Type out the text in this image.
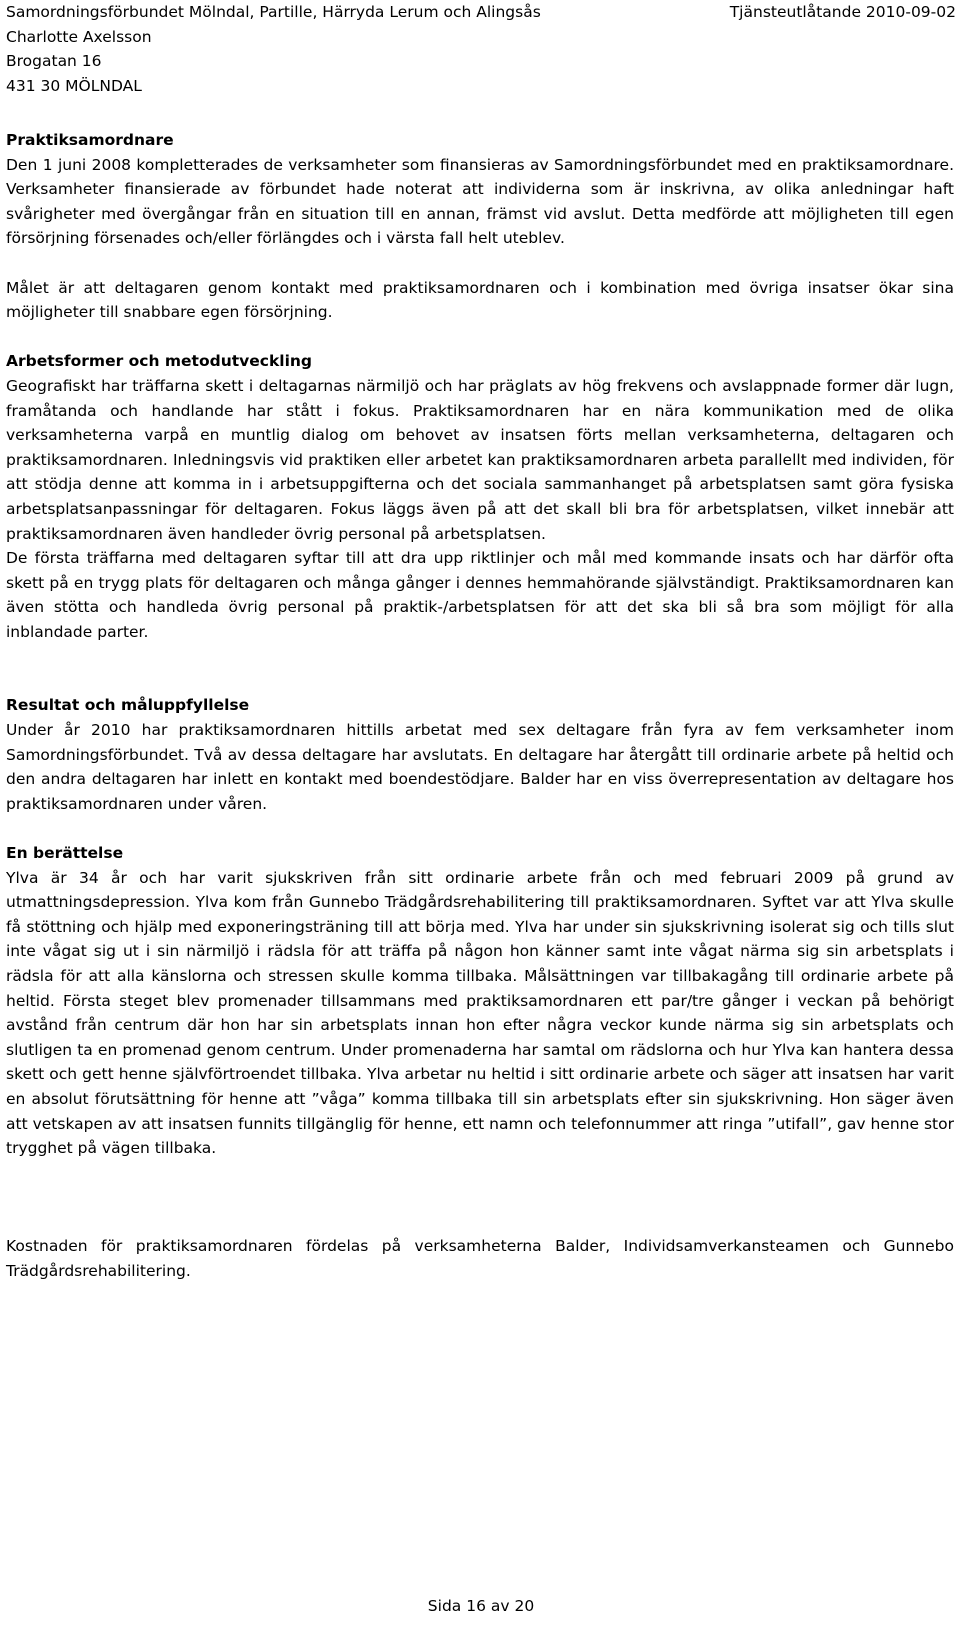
Samordningsförbundet Mölndal, Partille, Härryda Lerum och Alingsås	Tjänsteutlåtande 2010-09-02
Charlotte Axelsson
Brogatan 16
431 30 MÖLNDAL
Praktiksamordnare

Den 1 juni 2008 kompletterades de verksamheter som finansieras av Samordningsförbundet med en praktiksamordnare. Verksamheter finansierade av förbundet hade noterat att individerna som är inskrivna, av olika anledningar haft svårigheter med övergångar från en situation till en annan, främst vid avslut. Detta medförde att möjligheten till egen försörjning försenades och/eller förlängdes och i värsta fall helt uteblev.

Målet är att deltagaren genom kontakt med praktiksamordnaren och i kombination med övriga insatser ökar sina möjligheter till snabbare egen försörjning.

Arbetsformer och metodutveckling

Geografiskt har träffarna skett i deltagarnas närmiljö och har präglats av hög frekvens och avslappnade former där lugn, framåtanda och handlande har stått i fokus. Praktiksamordnaren har en nära kommunikation med de olika verksamheterna varpå en muntlig dialog om behovet av insatsen förts mellan verksamheterna, deltagaren och praktiksamordnaren. Inledningsvis vid praktiken eller arbetet kan praktiksamordnaren arbeta parallellt med individen, för att stödja denne att komma in i arbetsuppgifterna och det sociala sammanhanget på arbetsplatsen samt göra fysiska arbetsplatsanpassningar för deltagaren. Fokus läggs även på att det skall bli bra för arbetsplatsen, vilket innebär att praktiksamordnaren även handleder övrig personal på arbetsplatsen.

De första träffarna med deltagaren syftar till att dra upp riktlinjer och mål med kommande insats och har därför ofta skett på en trygg plats för deltagaren och många gånger i dennes hemmahörande självständigt. Praktiksamordnaren kan även stötta och handleda övrig personal på praktik-/arbetsplatsen för att det ska bli så bra som möjligt för alla inblandade parter.

Resultat och måluppfyllelse

Under år 2010 har praktiksamordnaren hittills arbetat med sex deltagare från fyra av fem verksamheter inom Samordningsförbundet. Två av dessa deltagare har avslutats. En deltagare har återgått till ordinarie arbete på heltid och den andra deltagaren har inlett en kontakt med boendestödjare. Balder har en viss överrepresentation av deltagare hos praktiksamordnaren under våren.

En berättelse

Ylva är 34 år och har varit sjukskriven från sitt ordinarie arbete från och med februari 2009 på grund av utmattningsdepression. Ylva kom från Gunnebo Trädgårdsrehabilitering till praktiksamordnaren. Syftet var att Ylva skulle få stöttning och hjälp med exponeringsträning till att börja med. Ylva har under sin sjukskrivning isolerat sig och tills slut inte vågat sig ut i sin närmiljö i rädsla för att träffa på någon hon känner samt inte vågat närma sig sin arbetsplats i rädsla för att alla känslorna och stressen skulle komma tillbaka. Målsättningen var tillbakagång till ordinarie arbete på heltid. Första steget blev promenader tillsammans med praktiksamordnaren ett par/tre gånger i veckan på behörigt avstånd från centrum där hon har sin arbetsplats innan hon efter några veckor kunde närma sig sin arbetsplats och slutligen ta en promenad genom centrum. Under promenaderna har samtal om rädslorna och hur Ylva kan hantera dessa skett och gett henne självförtroendet tillbaka. Ylva arbetar nu heltid i sitt ordinarie arbete och säger att insatsen har varit en absolut förutsättning för henne att ”våga” komma tillbaka till sin arbetsplats efter sin sjukskrivning. Hon säger även att vetskapen av att insatsen funnits tillgänglig för henne, ett namn och telefonnummer att ringa ”utifall”, gav henne stor trygghet på vägen tillbaka.

Kostnaden för praktiksamordnaren fördelas på verksamheterna Balder, Individsamverkansteamen och Gunnebo Trädgårdsrehabilitering.

Sida 16 av 20
